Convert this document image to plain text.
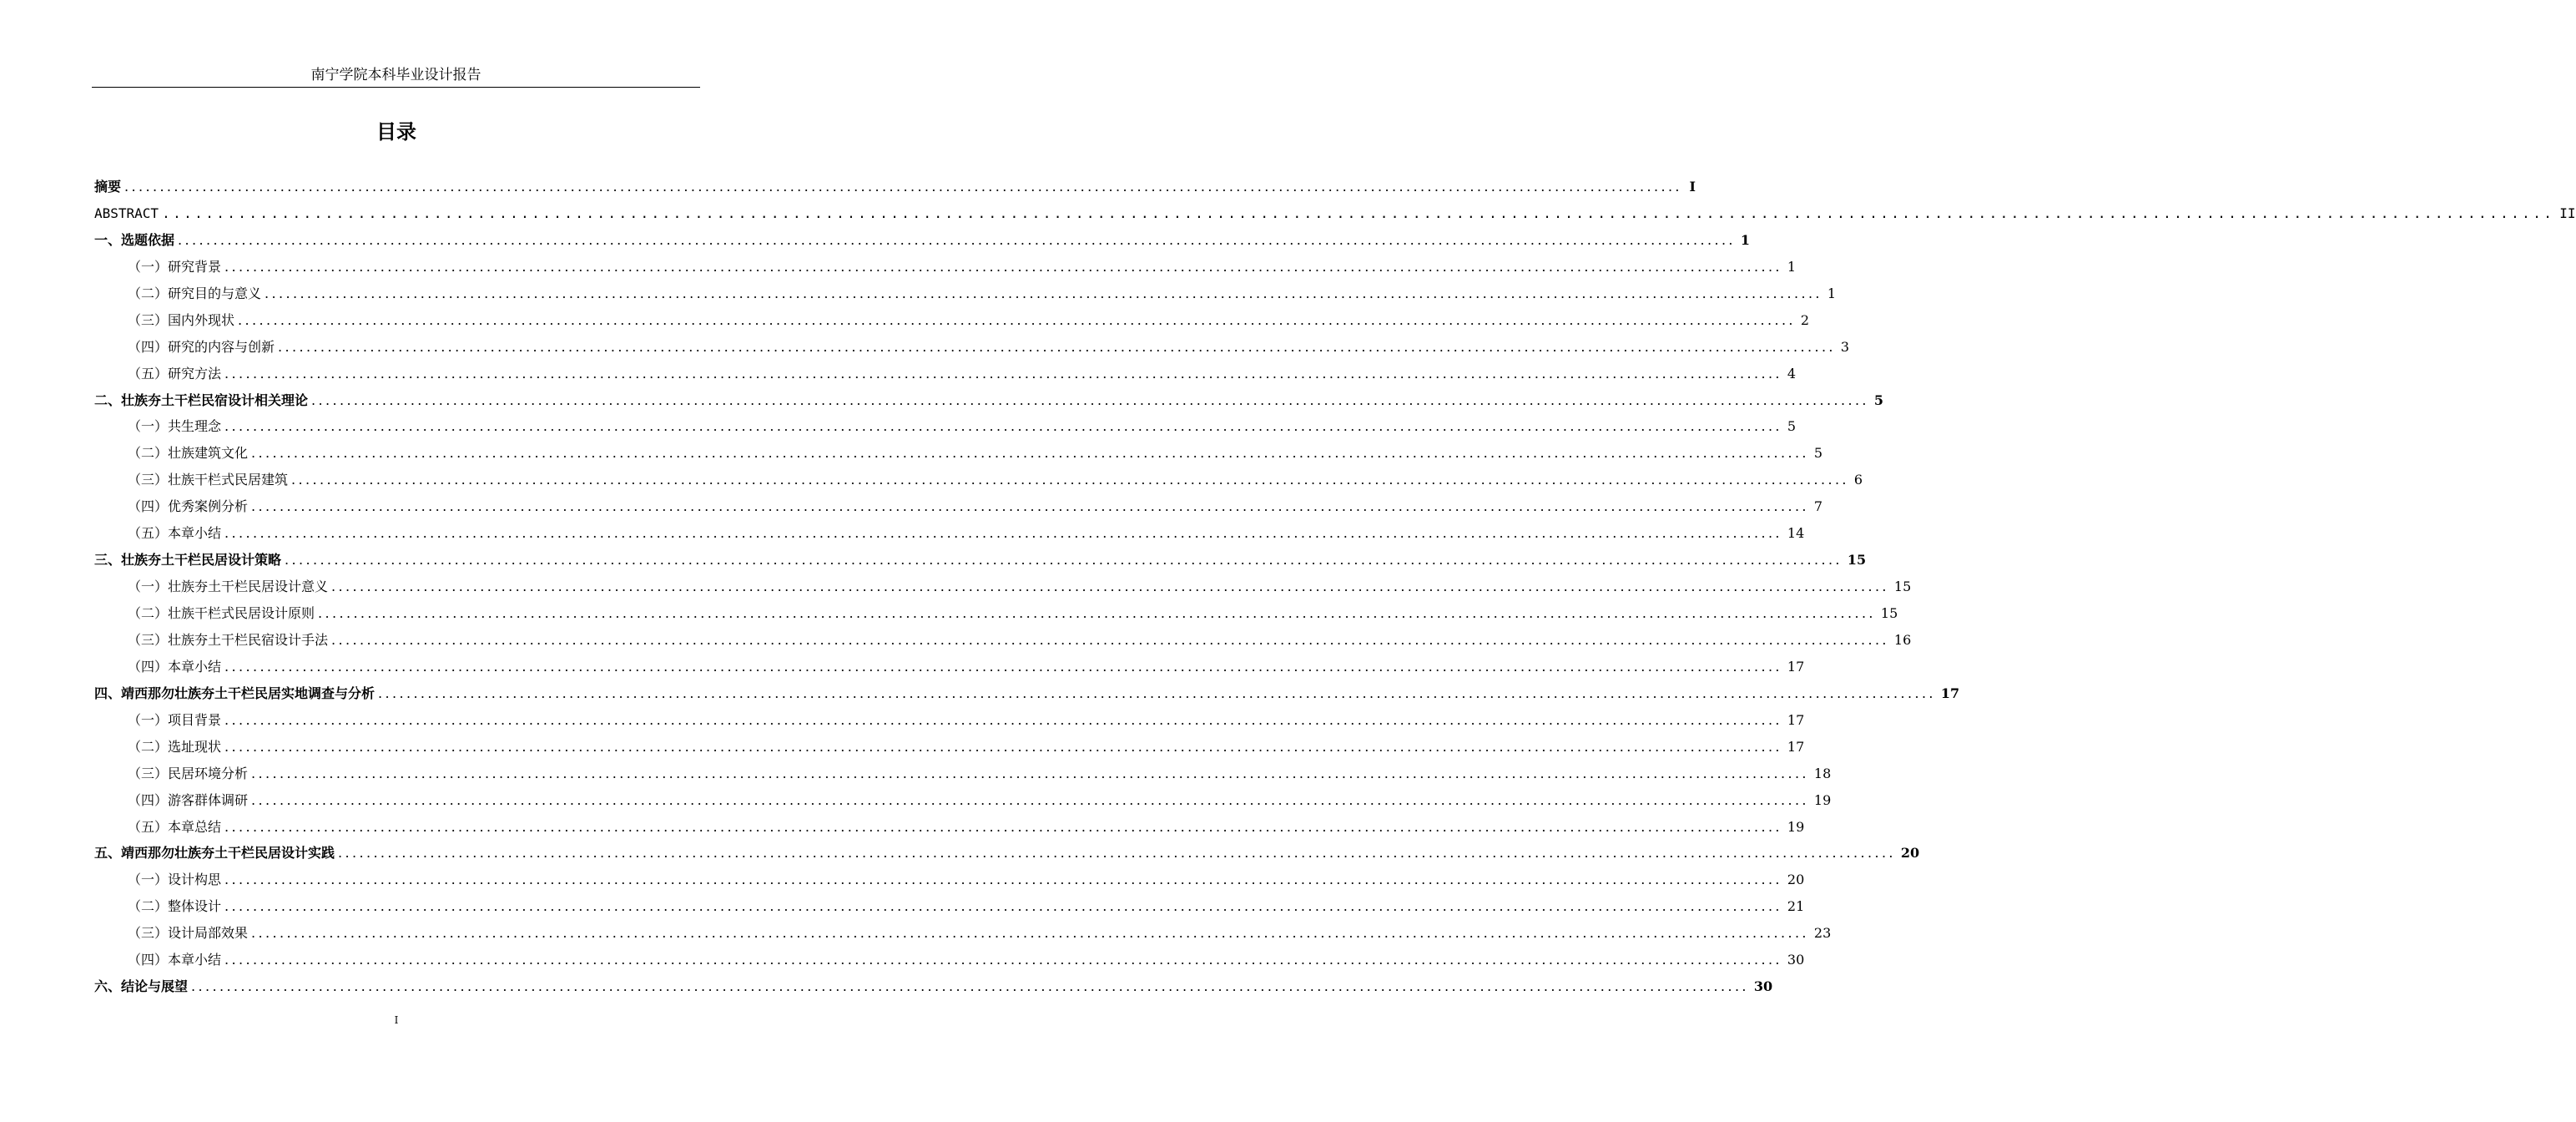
南宁学院本科毕业设计报告
目录
摘要 ............................................................................................................................................................................................................................ I
ABSTRACT ............................................................................................................................................................................................................................ II
一、选题依据 ............................................................................................................................................................................................................................ 1
（一）研究背景 ............................................................................................................................................................................................................................ 1
（二）研究目的与意义 ............................................................................................................................................................................................................................ 1
（三）国内外现状 ............................................................................................................................................................................................................................ 2
（四）研究的内容与创新 ............................................................................................................................................................................................................................ 3
（五）研究方法 ............................................................................................................................................................................................................................ 4
二、壮族夯土干栏民宿设计相关理论 ............................................................................................................................................................................................................................ 5
（一）共生理念 ............................................................................................................................................................................................................................ 5
（二）壮族建筑文化 ............................................................................................................................................................................................................................ 5
（三）壮族干栏式民居建筑 ............................................................................................................................................................................................................................ 6
（四）优秀案例分析 ............................................................................................................................................................................................................................ 7
（五）本章小结 ............................................................................................................................................................................................................................ 14
三、壮族夯土干栏民居设计策略 ............................................................................................................................................................................................................................ 15
（一）壮族夯土干栏民居设计意义 ............................................................................................................................................................................................................................ 15
（二）壮族干栏式民居设计原则 ............................................................................................................................................................................................................................ 15
（三）壮族夯土干栏民宿设计手法 ............................................................................................................................................................................................................................ 16
（四）本章小结 ............................................................................................................................................................................................................................ 17
四、靖西那勿壮族夯土干栏民居实地调查与分析 ............................................................................................................................................................................................................................ 17
（一）项目背景 ............................................................................................................................................................................................................................ 17
（二）选址现状 ............................................................................................................................................................................................................................ 17
（三）民居环境分析 ............................................................................................................................................................................................................................ 18
（四）游客群体调研 ............................................................................................................................................................................................................................ 19
（五）本章总结 ............................................................................................................................................................................................................................ 19
五、靖西那勿壮族夯土干栏民居设计实践 ............................................................................................................................................................................................................................ 20
（一）设计构思 ............................................................................................................................................................................................................................ 20
（二）整体设计 ............................................................................................................................................................................................................................ 21
（三）设计局部效果 ............................................................................................................................................................................................................................ 23
（四）本章小结 ............................................................................................................................................................................................................................ 30
六、结论与展望 ............................................................................................................................................................................................................................ 30
I
